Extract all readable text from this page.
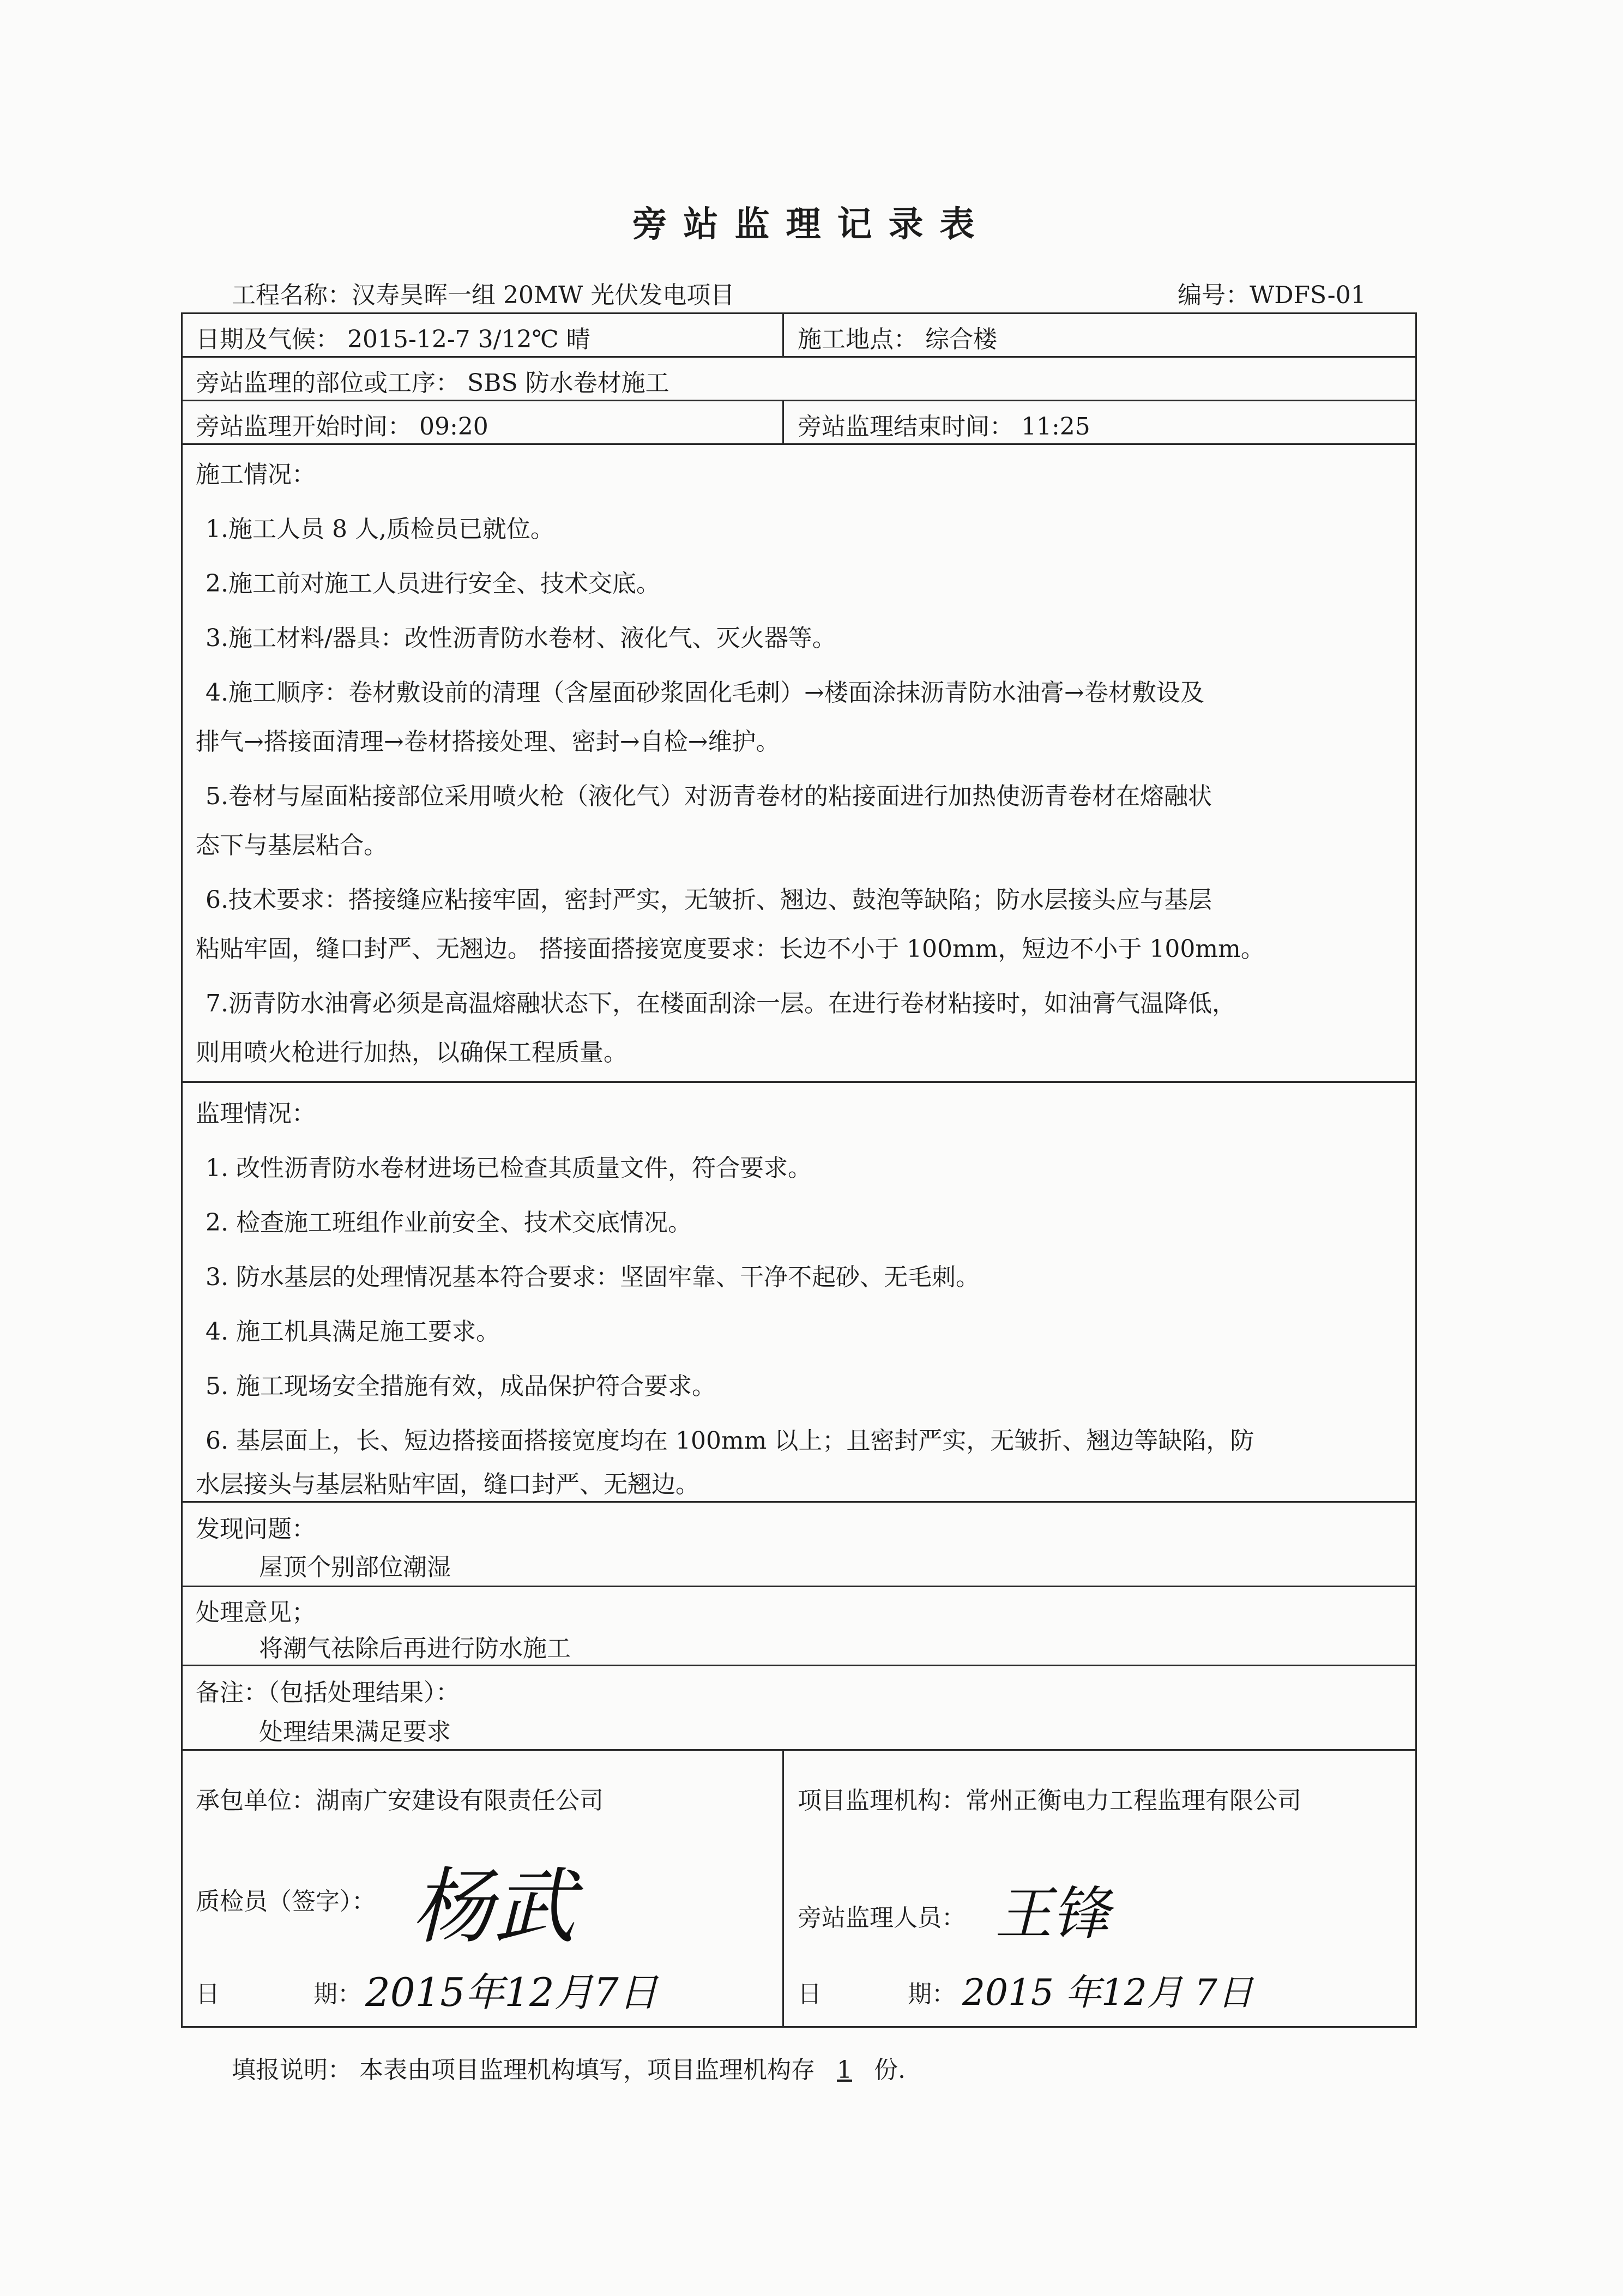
旁站监理记录表
工程名称：汉寿昊晖一组 20MW 光伏发电项目	编号：WDFS-01
日期及气候： 2015-12-7 3/12℃ 晴	施工地点： 综合楼
旁站监理的部位或工序： SBS 防水卷材施工
旁站监理开始时间： 09:20	旁站监理结束时间： 11:25
施工情况：
1.施工人员 8 人,质检员已就位。
2.施工前对施工人员进行安全、技术交底。
3.施工材料/器具：改性沥青防水卷材、液化气、灭火器等。
4.施工顺序：卷材敷设前的清理（含屋面砂浆固化毛刺）→楼面涂抹沥青防水油膏→卷材敷设及
排气→搭接面清理→卷材搭接处理、密封→自检→维护。
5.卷材与屋面粘接部位采用喷火枪（液化气）对沥青卷材的粘接面进行加热使沥青卷材在熔融状
态下与基层粘合。
6.技术要求：搭接缝应粘接牢固，密封严实，无皱折、翘边、鼓泡等缺陷；防水层接头应与基层
粘贴牢固，缝口封严、无翘边。 搭接面搭接宽度要求：长边不小于 100mm，短边不小于 100mm。
7.沥青防水油膏必须是高温熔融状态下，在楼面刮涂一层。在进行卷材粘接时，如油膏气温降低，
则用喷火枪进行加热，以确保工程质量。
监理情况：
1. 改性沥青防水卷材进场已检查其质量文件，符合要求。
2. 检查施工班组作业前安全、技术交底情况。
3. 防水基层的处理情况基本符合要求：坚固牢靠、干净不起砂、无毛刺。
4. 施工机具满足施工要求。
5. 施工现场安全措施有效，成品保护符合要求。
6. 基层面上，长、短边搭接面搭接宽度均在 100mm 以上；且密封严实，无皱折、翘边等缺陷，防
水层接头与基层粘贴牢固，缝口封严、无翘边。
发现问题：
屋顶个别部位潮湿
处理意见；
将潮气祛除后再进行防水施工
备注：（包括处理结果）：
处理结果满足要求
承包单位：湖南广安建设有限责任公司
质检员（签字）： 杨武
日	期： 2015年12月7日
项目监理机构：常州正衡电力工程监理有限公司
旁站监理人员： 王锋
日	期： 2015 年12月 7日
填报说明： 本表由项目监理机构填写，项目监理机构存 1 份.
